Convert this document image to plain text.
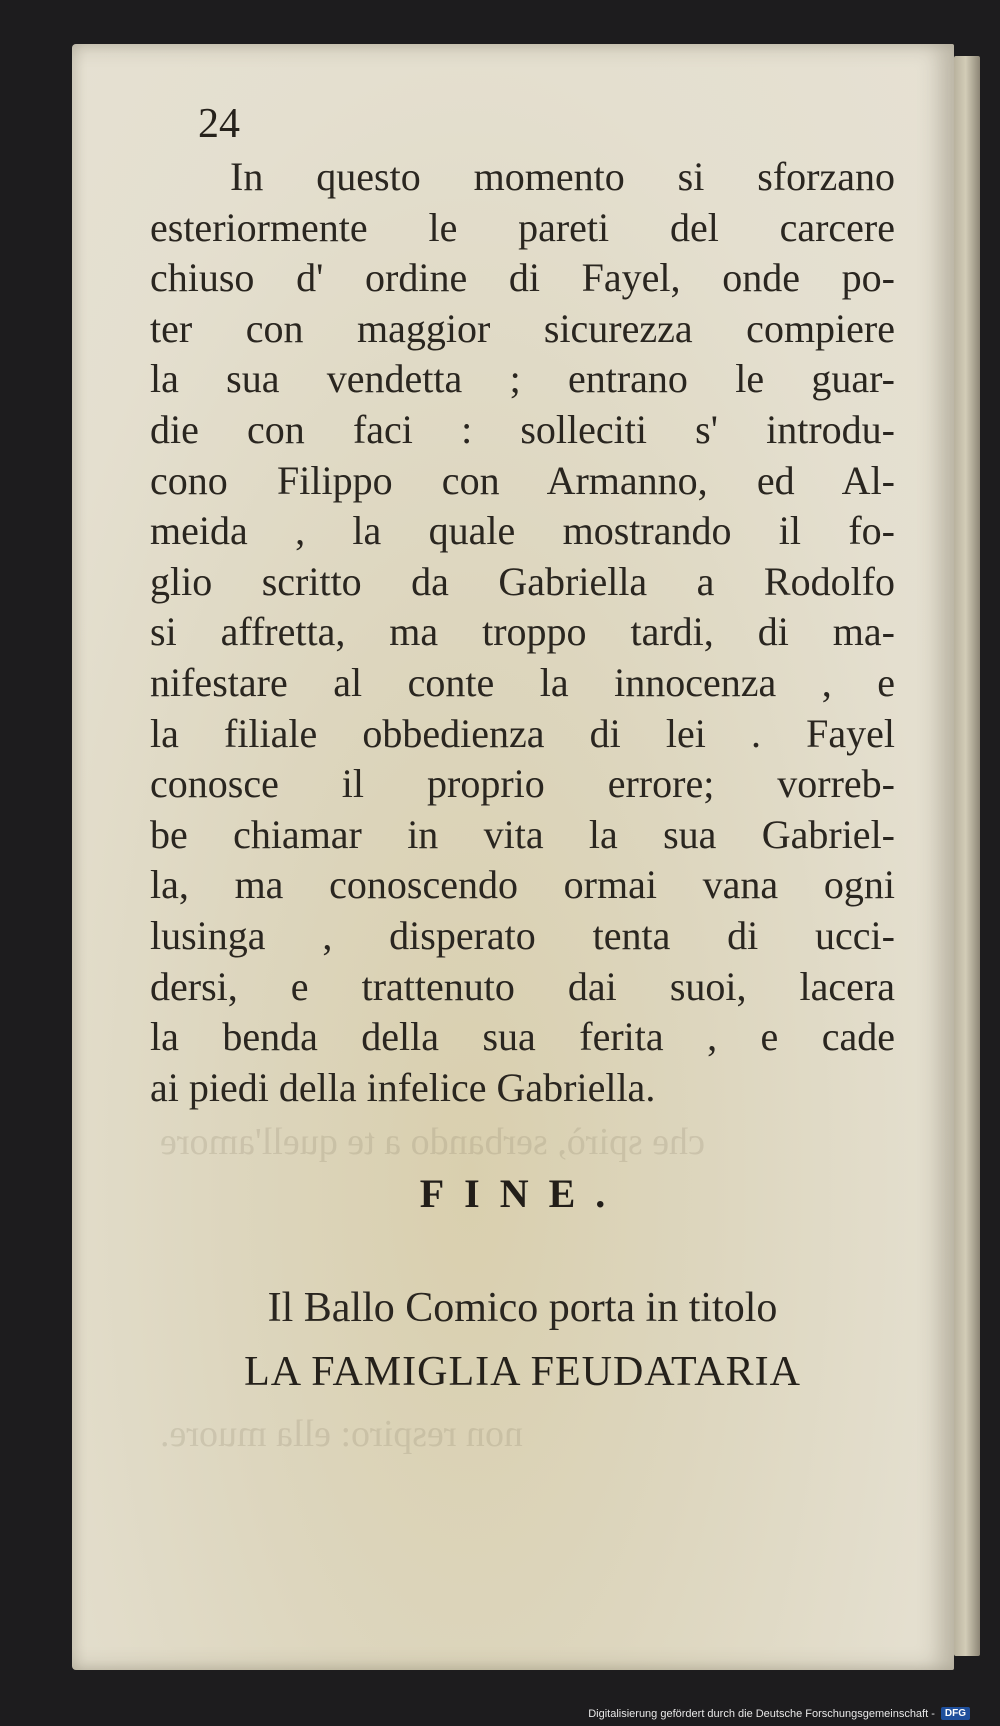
che spirò, serbando a te quell'amore

non respiro: ella muore.

24

In questo momento si sforzano
esteriormente le pareti del carcere
chiuso d' ordine di Fayel, onde po-
ter con maggior sicurezza compiere
la sua vendetta ; entrano le guar-
die con faci : solleciti s' introdu-
cono Filippo con Armanno, ed Al-
meida , la quale mostrando il fo-
glio scritto da Gabriella a Rodolfo
si affretta, ma troppo tardi, di ma-
nifestare al conte la innocenza , e
la filiale obbedienza di lei . Fayel
conosce il proprio errore; vorreb-
be chiamar in vita la sua Gabriel-
la, ma conoscendo ormai vana ogni
lusinga , disperato tenta di ucci-
dersi, e trattenuto dai suoi, lacera
la benda della sua ferita , e cade
ai piedi della infelice Gabriella.

FINE.

Il Ballo Comico porta in titolo

LA FAMIGLIA FEUDATARIA

Digitalisierung gefördert durch die Deutsche Forschungsgemeinschaft -	DFG
